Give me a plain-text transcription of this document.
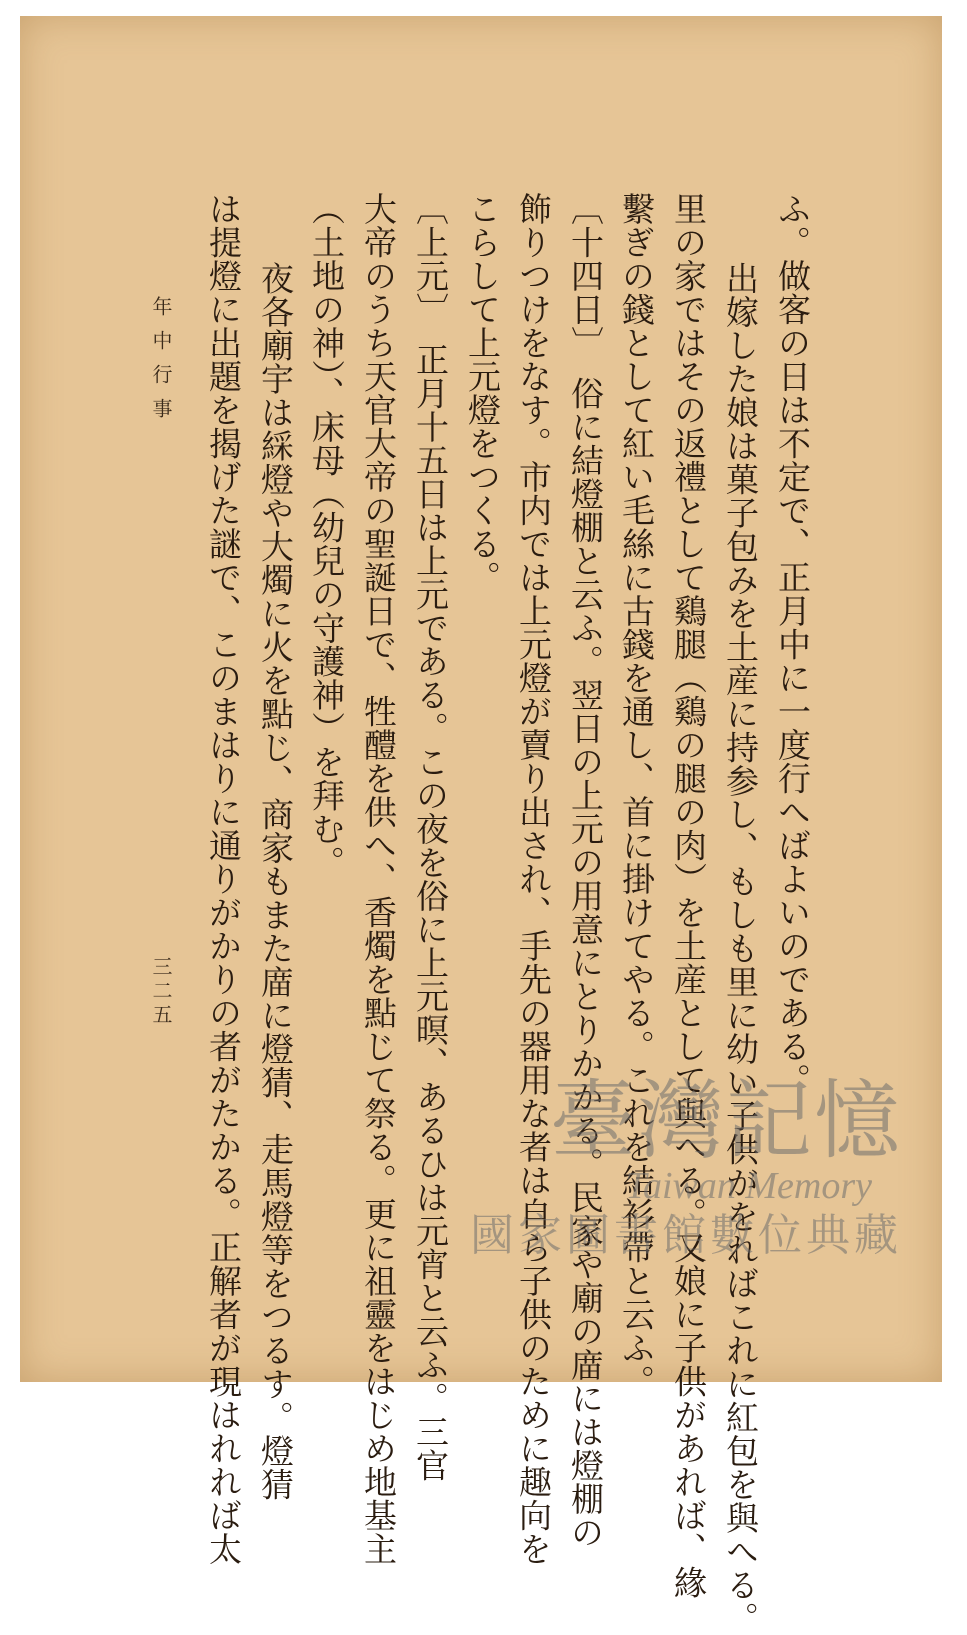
ふ。做客の日は不定で、正月中に一度行へばよいのである。
　出嫁した娘は菓子包みを土産に持参し、もしも里に幼い子供がをればこれに紅包を與へる。
里の家ではその返禮として鷄腿（鷄の腿の肉）を土産として與へる。又娘に子供があれば、緣
繫ぎの錢として紅い毛絲に古錢を通し、首に掛けてやる。これを結衫帶と云ふ。
〔十四日〕　俗に結燈棚と云ふ。翌日の上元の用意にとりかかる。民家や廟の庿には燈棚の
飾りつけをなす。市内では上元燈が賣り出され、手先の器用な者は自ら子供のために趣向を
こらして上元燈をつくる。
〔上元〕　正月十五日は上元である。この夜を俗に上元暝、あるひは元宵と云ふ。三官
大帝のうち天官大帝の聖誕日で、牲醴を供へ、香燭を點じて祭る。更に祖靈をはじめ地基主
（土地の神）、床母（幼兒の守護神）を拜む。
　夜各廟宇は綵燈や大燭に火を點じ、商家もまた庿に燈猜、走馬燈等をつるす。燈猜
は提燈に出題を揭げた謎で、このまはりに通りがかりの者がたかる。正解者が現はれれば太
年中行事
三二五
臺灣記憶
Taiwan Memory
國家圖書館數位典藏
